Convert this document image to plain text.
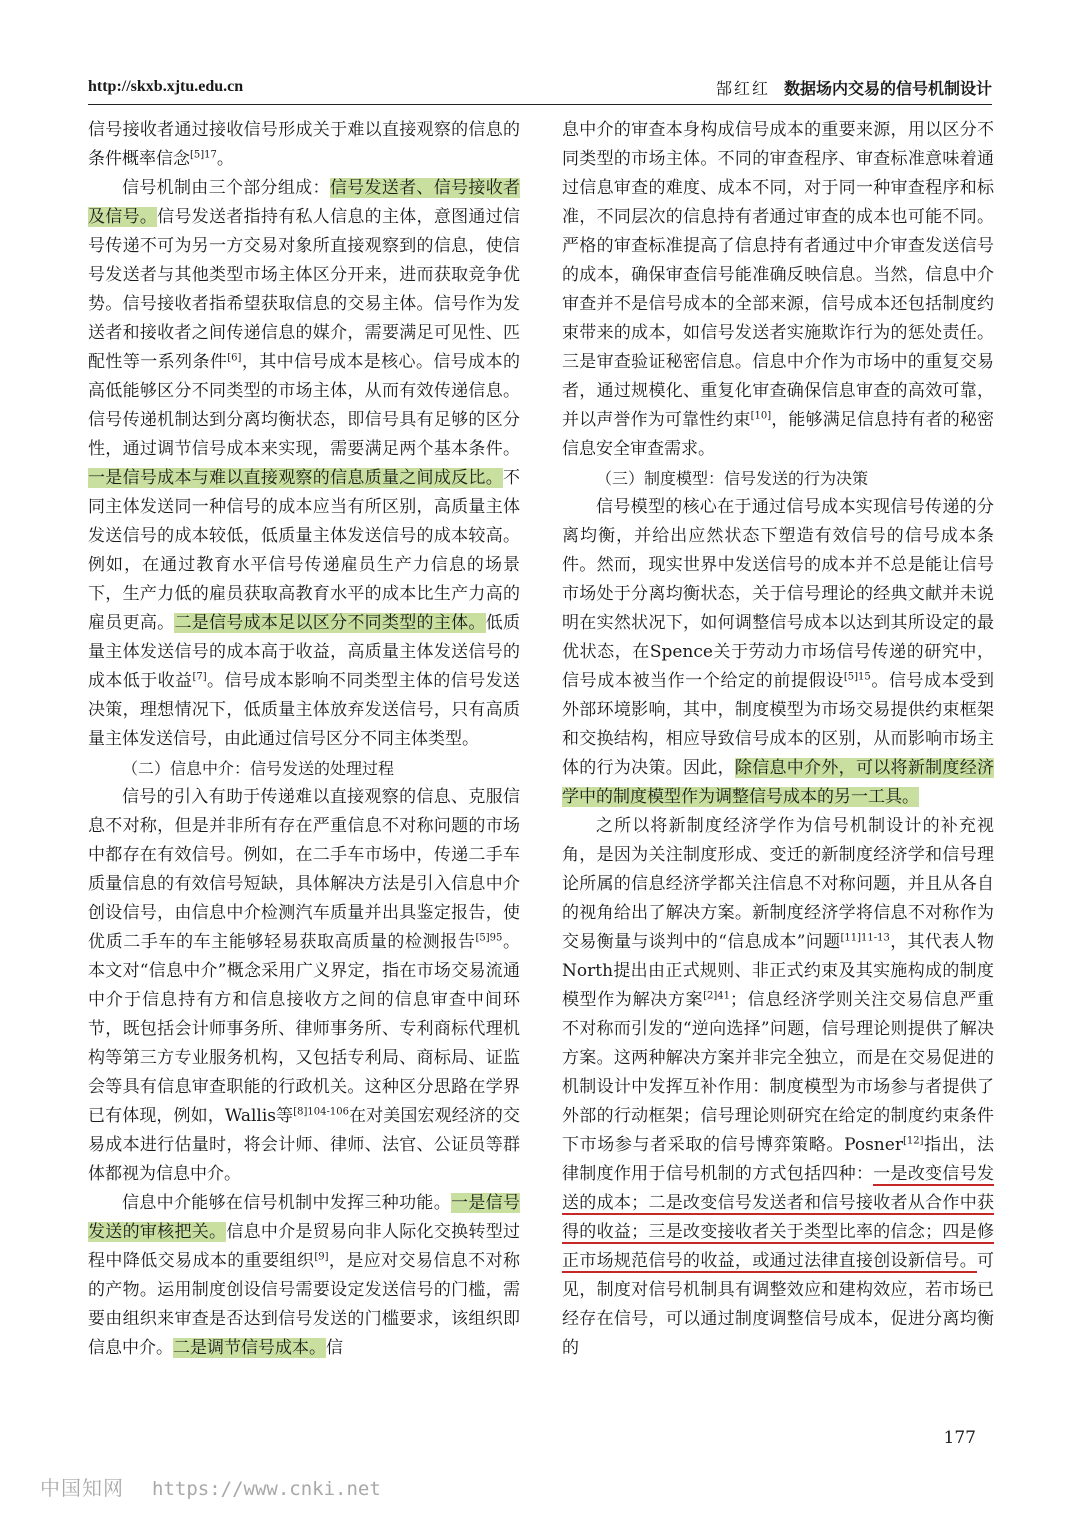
http://skxb.xjtu.edu.cn	郜红红 数据场内交易的信号机制设计

信号接收者通过接收信号形成关于难以直接观察的信息的条件概率信念$^{[5]17}$。

信号机制由三个部分组成：信号发送者、信号接收者及信号。信号发送者指持有私人信息的主体，意图通过信号传递不可为另一方交易对象所直接观察到的信息，使信号发送者与其他类型市场主体区分开来，进而获取竞争优势。信号接收者指希望获取信息的交易主体。信号作为发送者和接收者之间传递信息的媒介，需要满足可见性、匹配性等一系列条件[6]，其中信号成本是核心。信号成本的高低能够区分不同类型的市场主体，从而有效传递信息。信号传递机制达到分离均衡状态，即信号具有足够的区分性，通过调节信号成本来实现，需要满足两个基本条件。一是信号成本与难以直接观察的信息质量之间成反比。不同主体发送同一种信号的成本应当有所区别，高质量主体发送信号的成本较低，低质量主体发送信号的成本较高。例如，在通过教育水平信号传递雇员生产力信息的场景下，生产力低的雇员获取高教育水平的成本比生产力高的雇员更高。二是信号成本足以区分不同类型的主体。低质量主体发送信号的成本高于收益，高质量主体发送信号的成本低于收益[7]。信号成本影响不同类型主体的信号发送决策，理想情况下，低质量主体放弃发送信号，只有高质量主体发送信号，由此通过信号区分不同主体类型。

（二）信息中介：信号发送的处理过程

信号的引入有助于传递难以直接观察的信息、克服信息不对称，但是并非所有存在严重信息不对称问题的市场中都存在有效信号。例如，在二手车市场中，传递二手车质量信息的有效信号短缺，具体解决方法是引入信息中介创设信号，由信息中介检测汽车质量并出具鉴定报告，使优质二手车的车主能够轻易获取高质量的检测报告$^{[5]95}$。本文对“信息中介”概念采用广义界定，指在市场交易流通中介于信息持有方和信息接收方之间的信息审查中间环节，既包括会计师事务所、律师事务所、专利商标代理机构等第三方专业服务机构，又包括专利局、商标局、证监会等具有信息审查职能的行政机关。这种区分思路在学界已有体现，例如，Wallis等$^{[8]104-106}$在对美国宏观经济的交易成本进行估量时，将会计师、律师、法官、公证员等群体都视为信息中介。

信息中介能够在信号机制中发挥三种功能。一是信号发送的审核把关。信息中介是贸易向非人际化交换转型过程中降低交易成本的重要组织[9]，是应对交易信息不对称的产物。运用制度创设信号需要设定发送信号的门槛，需要由组织来审查是否达到信号发送的门槛要求，该组织即信息中介。二是调节信号成本。信

息中介的审查本身构成信号成本的重要来源，用以区分不同类型的市场主体。不同的审查程序、审查标准意味着通过信息审查的难度、成本不同，对于同一种审查程序和标准，不同层次的信息持有者通过审查的成本也可能不同。严格的审查标准提高了信息持有者通过中介审查发送信号的成本，确保审查信号能准确反映信息。当然，信息中介审查并不是信号成本的全部来源，信号成本还包括制度约束带来的成本，如信号发送者实施欺诈行为的惩处责任。三是审查验证秘密信息。信息中介作为市场中的重复交易者，通过规模化、重复化审查确保信息审查的高效可靠，并以声誉作为可靠性约束[10]，能够满足信息持有者的秘密信息安全审查需求。

（三）制度模型：信号发送的行为决策

信号模型的核心在于通过信号成本实现信号传递的分离均衡，并给出应然状态下塑造有效信号的信号成本条件。然而，现实世界中发送信号的成本并不总是能让信号市场处于分离均衡状态，关于信号理论的经典文献并未说明在实然状况下，如何调整信号成本以达到其所设定的最优状态，在Spence关于劳动力市场信号传递的研究中，信号成本被当作一个给定的前提假设$^{[5]15}$。信号成本受到外部环境影响，其中，制度模型为市场交易提供约束框架和交换结构，相应导致信号成本的区别，从而影响市场主体的行为决策。因此，除信息中介外，可以将新制度经济学中的制度模型作为调整信号成本的另一工具。

之所以将新制度经济学作为信号机制设计的补充视角，是因为关注制度形成、变迁的新制度经济学和信号理论所属的信息经济学都关注信息不对称问题，并且从各自的视角给出了解决方案。新制度经济学将信息不对称作为交易衡量与谈判中的“信息成本”问题$^{[11]11-13}$，其代表人物North提出由正式规则、非正式约束及其实施构成的制度模型作为解决方案$^{[2]41}$；信息经济学则关注交易信息严重不对称而引发的“逆向选择”问题，信号理论则提供了解决方案。这两种解决方案并非完全独立，而是在交易促进的机制设计中发挥互补作用：制度模型为市场参与者提供了外部的行动框架；信号理论则研究在给定的制度约束条件下市场参与者采取的信号博弈策略。Posner[12]指出，法律制度作用于信号机制的方式包括四种：一是改变信号发送的成本；二是改变信号发送者和信号接收者从合作中获得的收益；三是改变接收者关于类型比率的信念；四是修正市场规范信号的收益，或通过法律直接创设新信号。可见，制度对信号机制具有调整效应和建构效应，若市场已经存在信号，可以通过制度调整信号成本，促进分离均衡的

177
中国知网 https://www.cnki.net
